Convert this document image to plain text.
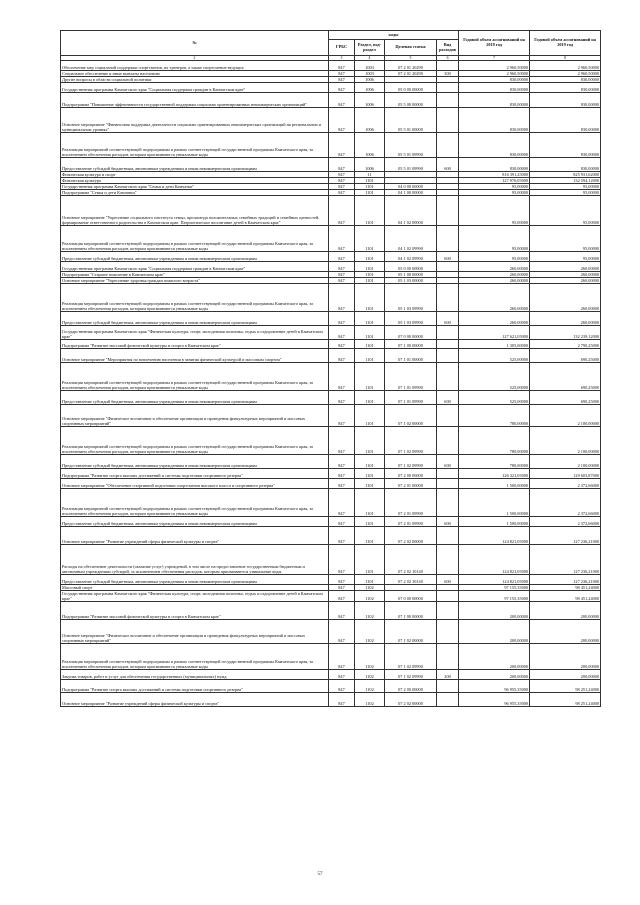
№	коды				Годовой объем ассигнований на 2018 год	Годовой объем ассигнований на 2019 год
	ГРБС	Раздел, под-раздел	Целевая статья	Вид расходов		
2	3	4	5	6	7	8
Обеспечение мер социальной поддержки спортсменов, их тренеров, а также спортсменов-ведущих	847	1003	07 2 01 20290		2 960,50000	2 960,50000
Социальное обеспечение и иные выплаты населению	847	1003	07 2 01 20290	300	2 960,50000	2 960,50000
Другие вопросы в области социальной политики	847	1006			830,00000	830,00000
Государственная программа Камчатского края "Социальная поддержка граждан в Камчатском крае"	847	1006	05 0 00 00000		830,00000	830,00000
Подпрограмма "Повышение эффективности государственной поддержки социально ориентированных некоммерческих организаций"	847	1006	05 5 00 00000		830,00000	830,00000
Основное мероприятие "Финансовая поддержка деятельности социально ориентированных некоммерческих организаций на региональном и муниципальном уровнях"	847	1006	05 5 01 00000		830,00000	830,00000
Реализация мероприятий соответствующей подпрограммы в рамках соответствующей государственной программы Камчатского края, за исключением обеспечения расходов, которым присваиваются уникальные коды	847	1006	05 5 01 09990		830,00000	830,00000
Предоставление субсидий бюджетным, автономным учреждениям и иным некоммерческим организациям	847	1006	05 5 01 09990	600	830,00000	830,00000
Физическая культура и спорт	847	11			816 391,25000	825 931,62000
Физическая культура	847	1101			127 976,05000	132 594,12000
Государственная программа Камчатского края "Семья и дети Камчатки"	847	1101	04 0 00 00000		95,00000	95,00000
Подпрограмма "Семья и дети Камчатки"	847	1101	04 1 00 00000		95,00000	95,00000
Основное мероприятие "Укрепление социального института семьи, пропаганда положительных семейных традиций и семейных ценностей, формирование ответственного родительства в Камчатском крае. Патриотическое воспитание детей в Камчатском крае"	847	1101	04 1 02 00000		95,00000	95,00000
Реализация мероприятий соответствующей подпрограммы в рамках соответствующей государственной программы Камчатского края, за исключением обеспечения расходов, которым присваиваются уникальные коды	847	1101	04 1 02 09990		95,00000	95,00000
Предоставление субсидий бюджетным, автономным учреждениям и иным некоммерческим организациям	847	1101	04 1 02 09990	600	95,00000	95,00000
Государственная программа Камчатского края "Социальная поддержка граждан в Камчатском крае"	847	1101	05 0 00 00000		260,00000	260,00000
Подпрограмма "Старшее поколение в Камчатском крае"	847	1101	05 1 00 00000		260,00000	260,00000
Основное мероприятие "Укрепление здоровья граждан пожилого возраста"	847	1101	05 1 03 00000		260,00000	260,00000
Реализация мероприятий соответствующей подпрограммы в рамках соответствующей государственной программы Камчатского края, за исключением обеспечения расходов, которым присваиваются уникальные коды	847	1101	05 1 03 09990		260,00000	260,00000
Предоставление субсидий бюджетным, автономным учреждениям и иным некоммерческим организациям	847	1101	05 1 03 09990	600	260,00000	260,00000
Государственная программа Камчатского края "Физическая культура, спорт, молодежная политика, отдых и оздоровление детей в Камчатском крае"	847	1101	07 0 00 00000		127 621,05000	132 239,12000
Подпрограмма "Развитие массовой физической культуры и спорта в Камчатском крае"	847	1101	07 1 00 00000		1 305,00000	2 790,25000
Основное мероприятие "Мероприятия по вовлечению населения в занятия физической культурой и массовым спортом"	847	1101	07 1 01 00000		525,00000	690,25000
Реализация мероприятий соответствующей подпрограммы в рамках соответствующей государственной программы Камчатского края, за исключением обеспечения расходов, которым присваиваются уникальные коды	847	1101	07 1 01 09990		525,00000	690,25000
Предоставление субсидий бюджетным, автономным учреждениям и иным некоммерческим организациям	847	1101	07 1 01 09990	600	525,00000	690,25000
Основное мероприятие "Физическое воспитание и обеспечение организации и проведения физкультурных мероприятий и массовых спортивных мероприятий"	847	1101	07 1 02 00000		780,00000	2 100,00000
Реализация мероприятий соответствующей подпрограммы в рамках соответствующей государственной программы Камчатского края, за исключением обеспечения расходов, которым присваиваются уникальные коды	847	1101	07 1 02 09990		780,00000	2 100,00000
Предоставление субсидий бюджетным, автономным учреждениям и иным некоммерческим организациям	847	1101	07 1 02 09990	600	780,00000	2 100,00000
Подпрограмма "Развитие спорта высших достижений и системы подготовки спортивного резерва"	847	1101	07 2 00 00000		126 321,05000	129 603,87000
Основное мероприятие "Обеспечение спортивной подготовки спортсменов высокого класса и спортивного резерва"	847	1101	07 2 01 00000		1 500,00000	2 372,66000
Реализация мероприятий соответствующей подпрограммы в рамках соответствующей государственной программы Камчатского края, за исключением обеспечения расходов, которым присваиваются уникальные коды	847	1101	07 2 01 09990		1 500,00000	2 372,66000
Предоставление субсидий бюджетным, автономным учреждениям и иным некоммерческим организациям	847	1101	07 2 01 09990	600	1 500,00000	2 372,66000
Основное мероприятие "Развитие учреждений сферы физической культуры и спорта"	847	1101	07 2 02 00000		124 821,05000	127 236,21000
Расходы на обеспечение деятельности (оказание услуг) учреждений, в том числе на предоставление государственным бюджетным и автономным учреждениям субсидий, за исключением обеспечения расходов, которым присваиваются уникальные коды	847	1101	07 2 02 10140		124 821,05000	127 236,21000
Предоставление субсидий бюджетным, автономным учреждениям и иным некоммерческим организациям	847	1101	07 2 02 10140	600	124 821,05000	127 236,21000
Массовый спорт	847	1102			97 155,35000	98 451,24000
Государственная программа Камчатского края "Физическая культура, спорт, молодежная политика, отдых и оздоровление детей в Камчатском крае"	847	1102	07 0 00 00000		97 155,35000	98 451,24000
Подпрограмма "Развитие массовой физической культуры и спорта в Камчатском крае"	847	1102	07 1 00 00000		200,00000	200,00000
Основное мероприятие "Физическое воспитание и обеспечение организации и проведения физкультурных мероприятий и массовых спортивных мероприятий"	847	1102	07 1 02 00000		200,00000	200,00000
Реализация мероприятий соответствующей подпрограммы в рамках соответствующей государственной программы Камчатского края, за исключением обеспечения расходов, которым присваиваются уникальные коды	847	1102	07 1 02 09990		200,00000	200,00000
Закупка товаров, работ и услуг для обеспечения государственных (муниципальных) нужд	847	1102	07 1 02 09990	200	200,00000	200,00000
Подпрограмма "Развитие спорта высших достижений и системы подготовки спортивного резерва"	847	1102	07 2 00 00000		96 955,35000	98 251,24000
Основное мероприятие "Развитие учреждений сферы физической культуры и спорта"	847	1102	07 2 02 00000		96 955,35000	98 251,24000
57
